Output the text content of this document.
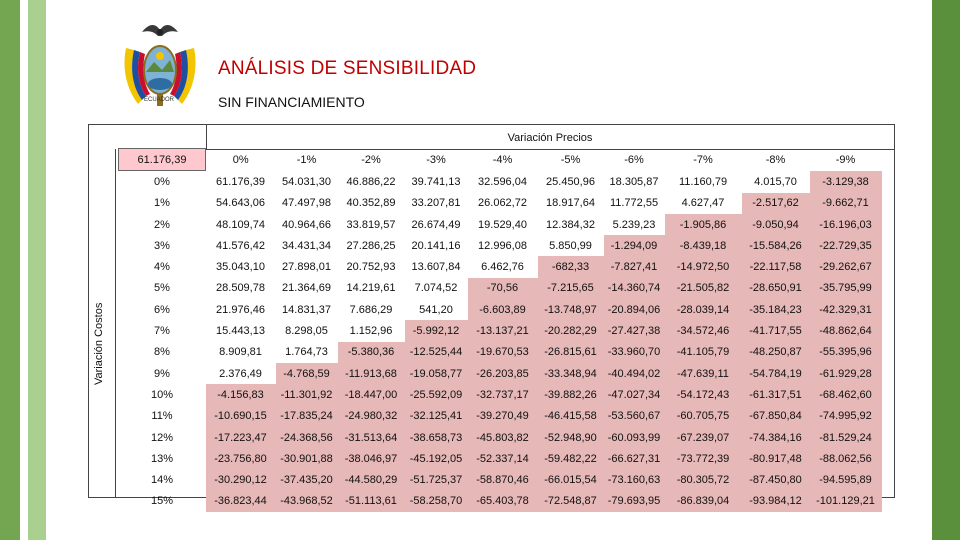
ECUADOR
ANÁLISIS DE SENSIBILIDAD
SIN FINANCIAMIENTO
Variación Precios
Variación Costos
61.176,39	0%	-1%	-2%	-3%	-4%	-5%	-6%	-7%	-8%	-9%
0%	61.176,39	54.031,30	46.886,22	39.741,13	32.596,04	25.450,96	18.305,87	11.160,79	4.015,70	-3.129,38
1%	54.643,06	47.497,98	40.352,89	33.207,81	26.062,72	18.917,64	11.772,55	4.627,47	-2.517,62	-9.662,71
2%	48.109,74	40.964,66	33.819,57	26.674,49	19.529,40	12.384,32	5.239,23	-1.905,86	-9.050,94	-16.196,03
3%	41.576,42	34.431,34	27.286,25	20.141,16	12.996,08	5.850,99	-1.294,09	-8.439,18	-15.584,26	-22.729,35
4%	35.043,10	27.898,01	20.752,93	13.607,84	6.462,76	-682,33	-7.827,41	-14.972,50	-22.117,58	-29.262,67
5%	28.509,78	21.364,69	14.219,61	7.074,52	-70,56	-7.215,65	-14.360,74	-21.505,82	-28.650,91	-35.795,99
6%	21.976,46	14.831,37	7.686,29	541,20	-6.603,89	-13.748,97	-20.894,06	-28.039,14	-35.184,23	-42.329,31
7%	15.443,13	8.298,05	1.152,96	-5.992,12	-13.137,21	-20.282,29	-27.427,38	-34.572,46	-41.717,55	-48.862,64
8%	8.909,81	1.764,73	-5.380,36	-12.525,44	-19.670,53	-26.815,61	-33.960,70	-41.105,79	-48.250,87	-55.395,96
9%	2.376,49	-4.768,59	-11.913,68	-19.058,77	-26.203,85	-33.348,94	-40.494,02	-47.639,11	-54.784,19	-61.929,28
10%	-4.156,83	-11.301,92	-18.447,00	-25.592,09	-32.737,17	-39.882,26	-47.027,34	-54.172,43	-61.317,51	-68.462,60
11%	-10.690,15	-17.835,24	-24.980,32	-32.125,41	-39.270,49	-46.415,58	-53.560,67	-60.705,75	-67.850,84	-74.995,92
12%	-17.223,47	-24.368,56	-31.513,64	-38.658,73	-45.803,82	-52.948,90	-60.093,99	-67.239,07	-74.384,16	-81.529,24
13%	-23.756,80	-30.901,88	-38.046,97	-45.192,05	-52.337,14	-59.482,22	-66.627,31	-73.772,39	-80.917,48	-88.062,56
14%	-30.290,12	-37.435,20	-44.580,29	-51.725,37	-58.870,46	-66.015,54	-73.160,63	-80.305,72	-87.450,80	-94.595,89
15%	-36.823,44	-43.968,52	-51.113,61	-58.258,70	-65.403,78	-72.548,87	-79.693,95	-86.839,04	-93.984,12	-101.129,21
